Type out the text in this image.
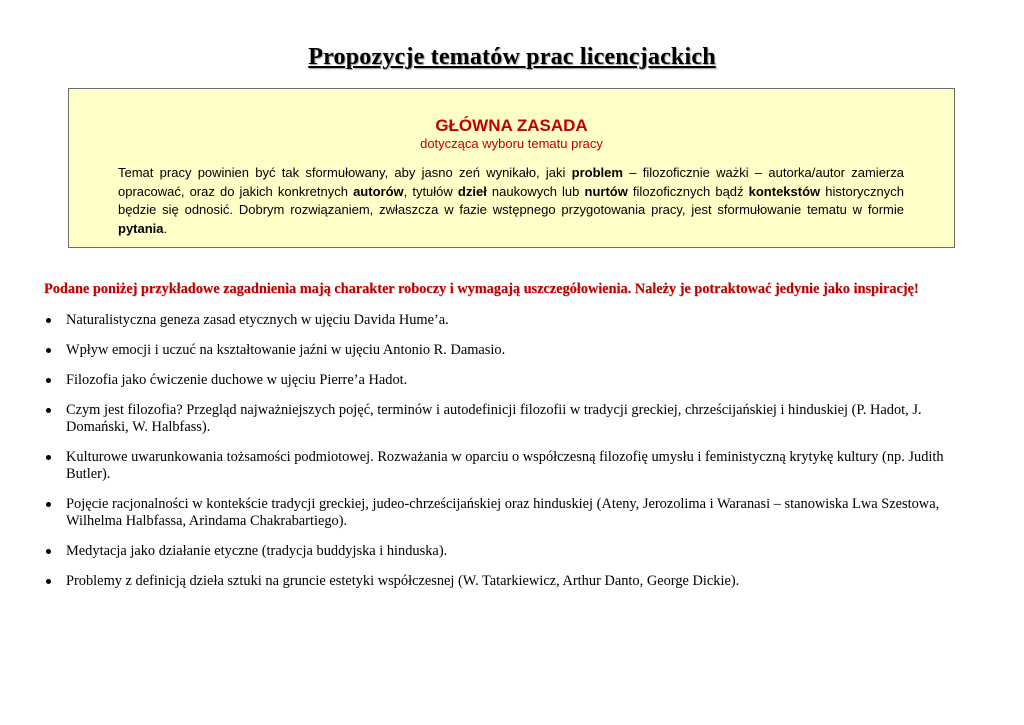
Propozycje tematów prac licencjackich
GŁÓWNA ZASADA
dotycząca wyboru tematu pracy
Temat pracy powinien być tak sformułowany, aby jasno zeń wynikało, jaki problem – filozoficznie ważki – autorka/autor zamierza opracować, oraz do jakich konkretnych autorów, tytułów dzieł naukowych lub nurtów filozoficznych bądź kontekstów historycznych będzie się odnosić. Dobrym rozwiązaniem, zwłaszcza w fazie wstępnego przygotowania pracy, jest sformułowanie tematu w formie pytania.
Podane poniżej przykładowe zagadnienia mają charakter roboczy i wymagają uszczegółowienia. Należy je potraktować jedynie jako inspirację!
Naturalistyczna geneza zasad etycznych w ujęciu Davida Hume’a.
Wpływ emocji i uczuć na kształtowanie jaźni w ujęciu Antonio R. Damasio.
Filozofia jako ćwiczenie duchowe w ujęciu Pierre’a Hadot.
Czym jest filozofia? Przegląd najważniejszych pojęć, terminów i autodefinicji filozofii w tradycji greckiej, chrześcijańskiej i hinduskiej (P. Hadot, J. Domański, W. Halbfass).
Kulturowe uwarunkowania tożsamości podmiotowej. Rozważania w oparciu o współczesną filozofię umysłu i feministyczną krytykę kultury (np. Judith Butler).
Pojęcie racjonalności w kontekście tradycji greckiej, judeo-chrześcijańskiej oraz hinduskiej (Ateny, Jerozolima i Waranasi – stanowiska Lwa Szestowa, Wilhelma Halbfassa, Arindama Chakrabartiego).
Medytacja jako działanie etyczne (tradycja buddyjska i hinduska).
Problemy z definicją dzieła sztuki na gruncie estetyki współczesnej (W. Tatarkiewicz, Arthur Danto, George Dickie).
